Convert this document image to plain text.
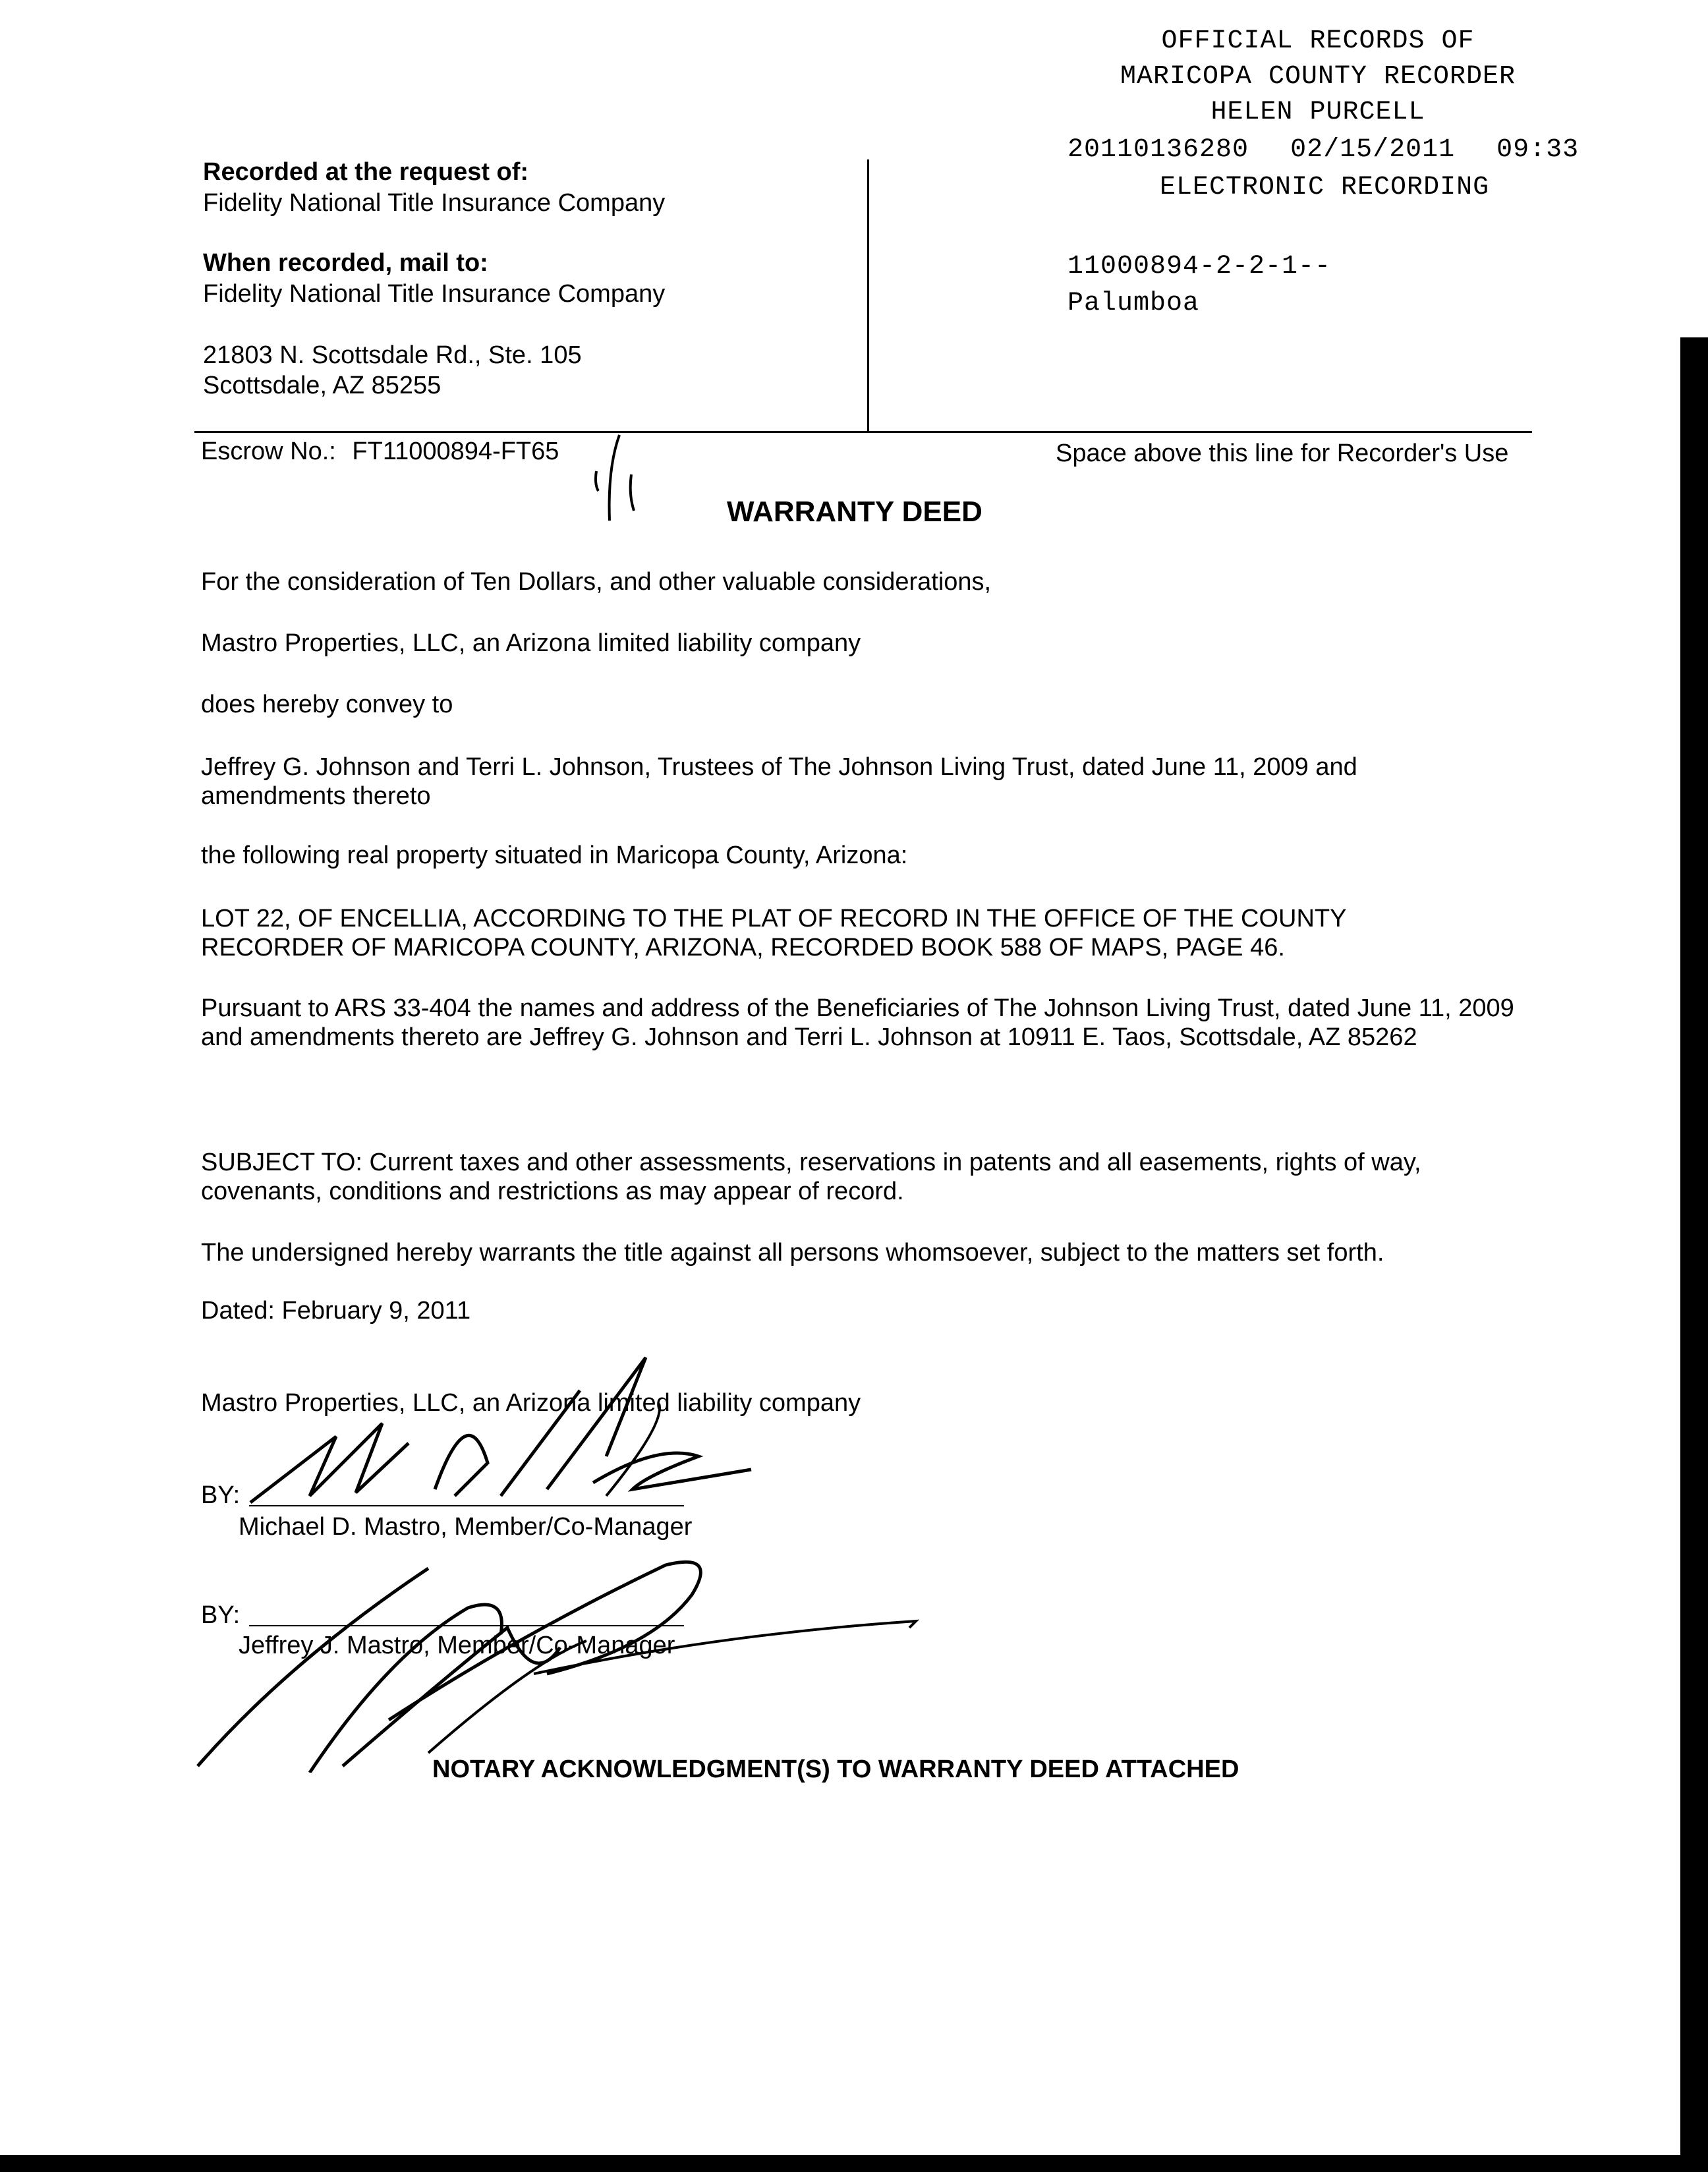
OFFICIAL RECORDS OF
MARICOPA COUNTY RECORDER
HELEN PURCELL
20110136280 02/15/2011 09:33
ELECTRONIC RECORDING
11000894-2-2-1--
Palumboa
Recorded at the request of:
Fidelity National Title Insurance Company
When recorded, mail to:
Fidelity National Title Insurance Company
21803 N. Scottsdale Rd., Ste. 105
Scottsdale, AZ 85255
Escrow No.: FT11000894-FT65	Space above this line for Recorder's Use
WARRANTY DEED
For the consideration of Ten Dollars, and other valuable considerations,
Mastro Properties, LLC, an Arizona limited liability company
does hereby convey to
Jeffrey G. Johnson and Terri L. Johnson, Trustees of The Johnson Living Trust, dated June 11, 2009 and amendments thereto
the following real property situated in Maricopa County, Arizona:
LOT 22, OF ENCELLIA, ACCORDING TO THE PLAT OF RECORD IN THE OFFICE OF THE COUNTY RECORDER OF MARICOPA COUNTY, ARIZONA, RECORDED BOOK 588 OF MAPS, PAGE 46.
Pursuant to ARS 33-404 the names and address of the Beneficiaries of The Johnson Living Trust, dated June 11, 2009 and amendments thereto are Jeffrey G. Johnson and Terri L. Johnson at 10911 E. Taos, Scottsdale, AZ 85262
SUBJECT TO: Current taxes and other assessments, reservations in patents and all easements, rights of way, covenants, conditions and restrictions as may appear of record.
The undersigned hereby warrants the title against all persons whomsoever, subject to the matters set forth.
Dated: February 9, 2011
Mastro Properties, LLC, an Arizona limited liability company
BY:
Michael D. Mastro, Member/Co-Manager
BY:
Jeffrey J. Mastro, Member/Co-Manager
NOTARY ACKNOWLEDGMENT(S) TO WARRANTY DEED ATTACHED
